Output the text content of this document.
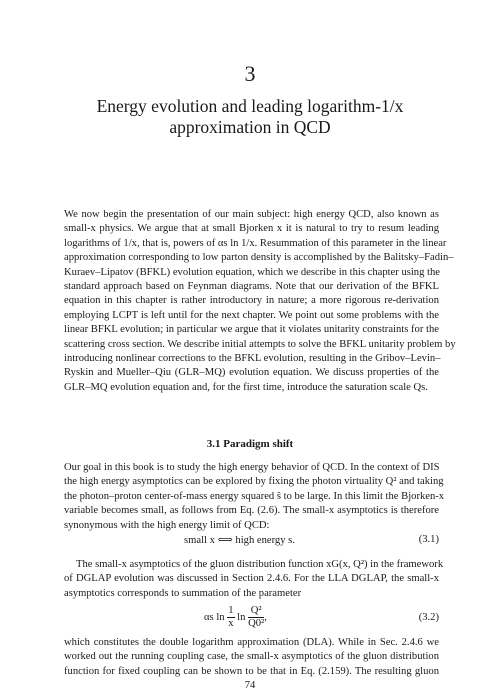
3
Energy evolution and leading logarithm-1/x
approximation in QCD
We now begin the presentation of our main subject: high energy QCD, also known as
small-x physics. We argue that at small Bjorken x it is natural to try to resum leading
logarithms of 1/x, that is, powers of αs ln 1/x. Resummation of this parameter in the linear
approximation corresponding to low parton density is accomplished by the Balitsky–Fadin–
Kuraev–Lipatov (BFKL) evolution equation, which we describe in this chapter using the
standard approach based on Feynman diagrams. Note that our derivation of the BFKL
equation in this chapter is rather introductory in nature; a more rigorous re-derivation
employing LCPT is left until for the next chapter. We point out some problems with the
linear BFKL evolution; in particular we argue that it violates unitarity constraints for the
scattering cross section. We describe initial attempts to solve the BFKL unitarity problem by
introducing nonlinear corrections to the BFKL evolution, resulting in the Gribov–Levin–
Ryskin and Mueller–Qiu (GLR–MQ) evolution equation. We discuss properties of the
GLR–MQ evolution equation and, for the first time, introduce the saturation scale Qs.
3.1 Paradigm shift
Our goal in this book is to study the high energy behavior of QCD. In the context of DIS
the high energy asymptotics can be explored by fixing the photon virtuality Q² and taking
the photon–proton center-of-mass energy squared ŝ to be large. In this limit the Bjorken-x
variable becomes small, as follows from Eq. (2.6). The small-x asymptotics is therefore
synonymous with the high energy limit of QCD:
small x ⟺ high energy s.	(3.1)
The small-x asymptotics of the gluon distribution function xG(x, Q²) in the framework
of DGLAP evolution was discussed in Section 2.4.6. For the LLA DGLAP, the small-x
asymptotics corresponds to summation of the parameter
αs $\ln \frac{1}{x}$ $\ln \frac{\text{Q²}}{\text{Q0²}}$ ,	(3.2)
74
which constitutes the double logarithm approximation (DLA). While in Sec. 2.4.6 we
worked out the running coupling case, the small-x asymptotics of the gluon distribution
function for fixed coupling can be shown to be that in Eq. (2.159). The resulting gluon
